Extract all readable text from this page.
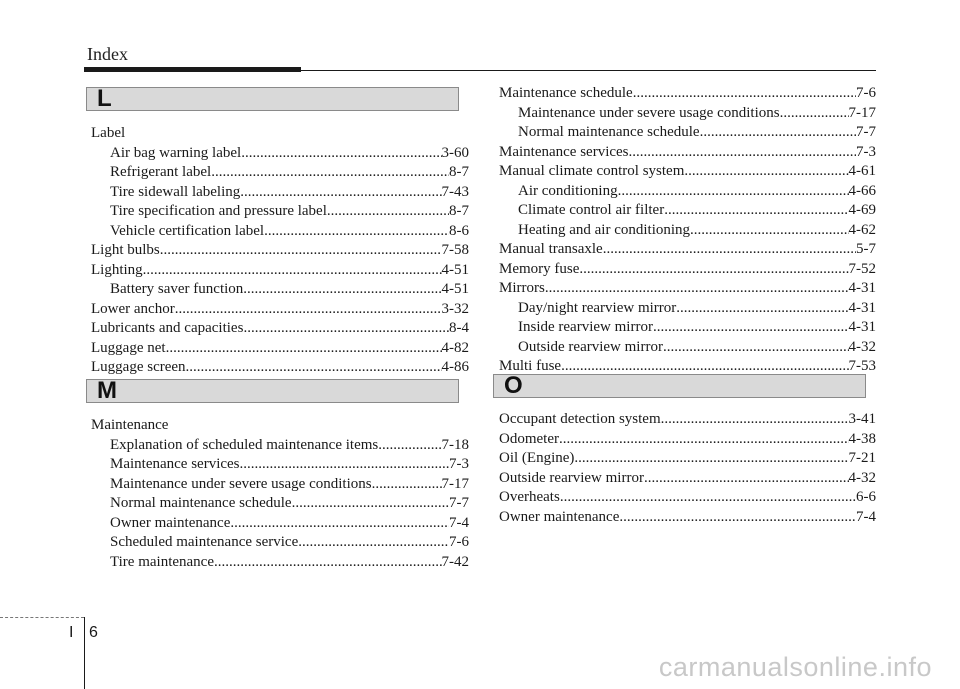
Index
L
Label
Air bag warning label .....	3-60
Refrigerant label .....	8-7
Tire sidewall labeling .....	7-43
Tire specification and pressure label .....	8-7
Vehicle certification label .....	8-6
Light bulbs .....	7-58
Lighting .....	4-51
Battery saver function .....	4-51
Lower anchor .....	3-32
Lubricants and capacities .....	8-4
Luggage net .....	4-82
Luggage screen .....	4-86
M
Maintenance
Explanation of scheduled maintenance items .....	7-18
Maintenance services .....	7-3
Maintenance under severe usage conditions .....	7-17
Normal maintenance schedule .....	7-7
Owner maintenance .....	7-4
Scheduled maintenance service .....	7-6
Tire maintenance .....	7-42
Maintenance schedule .....	7-6
Maintenance under severe usage conditions .....	7-17
Normal maintenance schedule .....	7-7
Maintenance services .....	7-3
Manual climate control system .....	4-61
Air conditioning .....	4-66
Climate control air filter .....	4-69
Heating and air conditioning .....	4-62
Manual transaxle .....	5-7
Memory fuse .....	7-52
Mirrors .....	4-31
Day/night rearview mirror .....	4-31
Inside rearview mirror .....	4-31
Outside rearview mirror .....	4-32
Multi fuse .....	7-53
O
Occupant detection system .....	3-41
Odometer .....	4-38
Oil (Engine) .....	7-21
Outside rearview mirror .....	4-32
Overheats .....	6-6
Owner maintenance .....	7-4
I 6
carmanualsonline.info
